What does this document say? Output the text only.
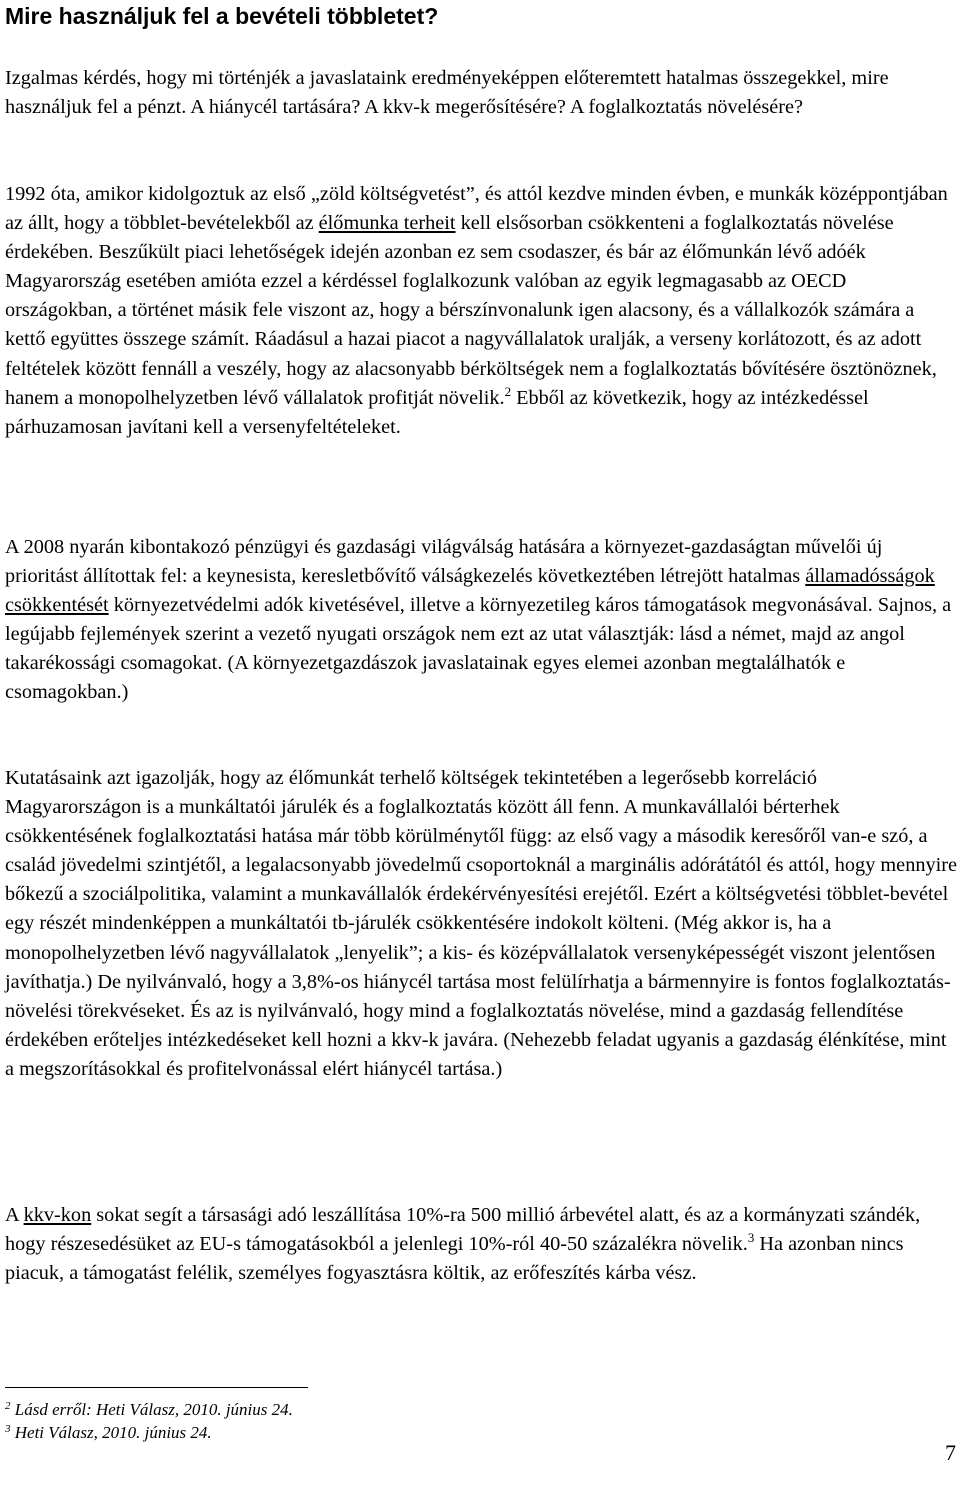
Mire használjuk fel a bevételi többletet?

Izgalmas kérdés, hogy mi történjék a javaslataink eredményeképpen előteremtett hatalmas összegekkel, mire használjuk fel a pénzt. A hiánycél tartására? A kkv-k megerősítésére? A foglalkoztatás növelésére?

1992 óta, amikor kidolgoztuk az első „zöld költségvetést”, és attól kezdve minden évben, e munkák középpontjában az állt, hogy a többlet-bevételekből az élőmunka terheit kell elsősorban csökkenteni a foglalkoztatás növelése érdekében. Beszűkült piaci lehetőségek idején azonban ez sem csodaszer, és bár az élőmunkán lévő adóék Magyarország esetében amióta ezzel a kérdéssel foglalkozunk valóban az egyik legmagasabb az OECD országokban, a történet másik fele viszont az, hogy a bérszínvonalunk igen alacsony, és a vállalkozók számára a kettő együttes összege számít. Ráadásul a hazai piacot a nagyvállalatok uralják, a verseny korlátozott, és az adott feltételek között fennáll a veszély, hogy az alacsonyabb bérköltségek nem a foglalkoztatás bővítésére ösztönöznek, hanem a monopolhelyzetben lévő vállalatok profitját növelik.$^2$ Ebből az következik, hogy az intézkedéssel párhuzamosan javítani kell a versenyfeltételeket.

A 2008 nyarán kibontakozó pénzügyi és gazdasági világválság hatására a környezet-gazdaságtan művelői új prioritást állítottak fel: a keynesista, keresletbővítő válságkezelés következtében létrejött hatalmas államadósságok csökkentését környezetvédelmi adók kivetésével, illetve a környezetileg káros támogatások megvonásával. Sajnos, a legújabb fejlemények szerint a vezető nyugati országok nem ezt az utat választják: lásd a német, majd az angol takarékossági csomagokat. (A környezetgazdászok javaslatainak egyes elemei azonban megtalálhatók e csomagokban.)

Kutatásaink azt igazolják, hogy az élőmunkát terhelő költségek tekintetében a legerősebb korreláció Magyarországon is a munkáltatói járulék és a foglalkoztatás között áll fenn. A munkavállalói bérterhek csökkentésének foglalkoztatási hatása már több körülménytől függ: az első vagy a második keresőről van-e szó, a család jövedelmi szintjétől, a legalacsonyabb jövedelmű csoportoknál a marginális adórátától és attól, hogy mennyire bőkezű a szociálpolitika, valamint a munkavállalók érdekérvényesítési erejétől. Ezért a költségvetési többlet-bevétel egy részét mindenképpen a munkáltatói tb-járulék csökkentésére indokolt költeni. (Még akkor is, ha a monopolhelyzetben lévő nagyvállalatok „lenyelik”; a kis- és középvállalatok versenyképességét viszont jelentősen javíthatja.) De nyilvánvaló, hogy a 3,8%-os hiánycél tartása most felülírhatja a bármennyire is fontos foglalkoztatás-növelési törekvéseket. És az is nyilvánvaló, hogy mind a foglalkoztatás növelése, mind a gazdaság fellendítése érdekében erőteljes intézkedéseket kell hozni a kkv-k javára. (Nehezebb feladat ugyanis a gazdaság élénkítése, mint a megszorításokkal és profitelvonással elért hiánycél tartása.)

A kkv-kon sokat segít a társasági adó leszállítása 10%-ra 500 millió árbevétel alatt, és az a kormányzati szándék, hogy részesedésüket az EU-s támogatásokból a jelenlegi 10%-ról 40-50 százalékra növelik.$^3$ Ha azonban nincs piacuk, a támogatást felélik, személyes fogyasztásra költik, az erőfeszítés kárba vész.

$^2$ Lásd erről: Heti Válasz, 2010. június 24.

$^3$ Heti Válasz, 2010. június 24.

7
